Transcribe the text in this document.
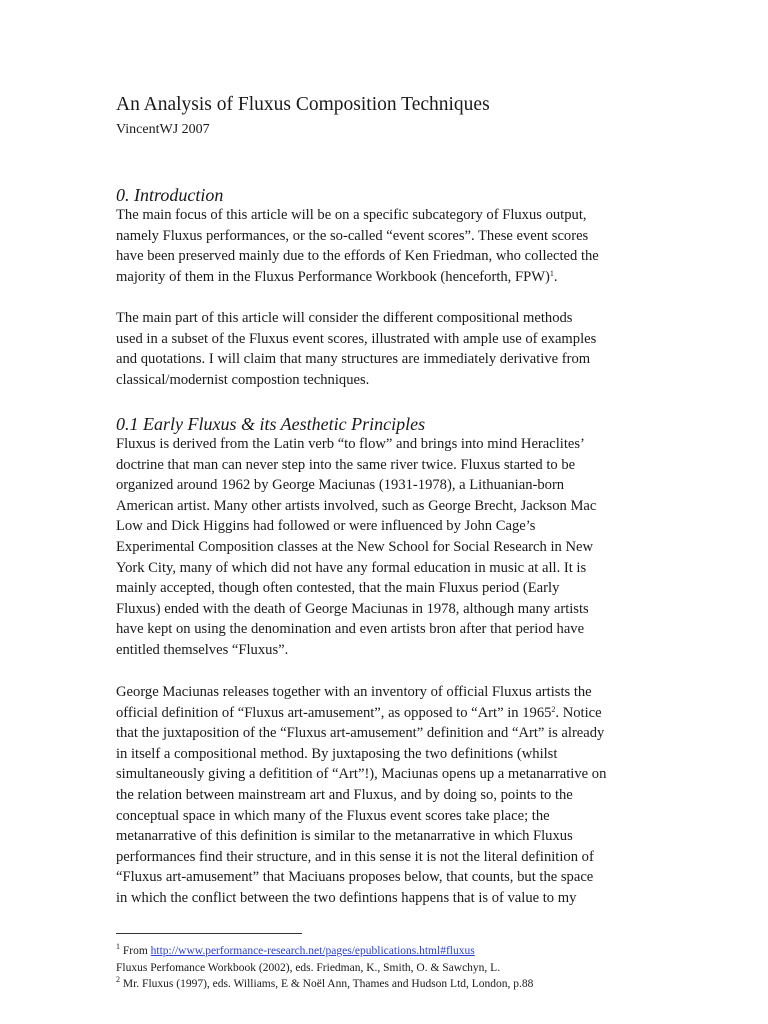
An Analysis of Fluxus Composition Techniques
VincentWJ 2007
0. Introduction
The main focus of this article will be on a specific subcategory of Fluxus output,
namely Fluxus performances, or the so-called “event scores”. These event scores
have been preserved mainly due to the effords of Ken Friedman, who collected the
majority of them in the Fluxus Performance Workbook (henceforth, FPW)$^1$.
The main part of this article will consider the different compositional methods
used in a subset of the Fluxus event scores, illustrated with ample use of examples
and quotations. I will claim that many structures are immediately derivative from
classical/modernist compostion techniques.
0.1 Early Fluxus & its Aesthetic Principles
Fluxus is derived from the Latin verb “to flow” and brings into mind Heraclites’
doctrine that man can never step into the same river twice. Fluxus started to be
organized around 1962 by George Maciunas (1931-1978), a Lithuanian-born
American artist. Many other artists involved, such as George Brecht, Jackson Mac
Low and Dick Higgins had followed or were influenced by John Cage’s
Experimental Composition classes at the New School for Social Research in New
York City, many of which did not have any formal education in music at all. It is
mainly accepted, though often contested, that the main Fluxus period (Early
Fluxus) ended with the death of George Maciunas in 1978, although many artists
have kept on using the denomination and even artists bron after that period have
entitled themselves “Fluxus”.
George Maciunas releases together with an inventory of official Fluxus artists the
official definition of “Fluxus art-amusement”, as opposed to “Art” in 1965$^2$. Notice
that the juxtaposition of the “Fluxus art-amusement” definition and “Art” is already
in itself a compositional method. By juxtaposing the two definitions (whilst
simultaneously giving a defitition of “Art”!), Maciunas opens up a metanarrative on
the relation between mainstream art and Fluxus, and by doing so, points to the
conceptual space in which many of the Fluxus event scores take place; the
metanarrative of this definition is similar to the metanarrative in which Fluxus
performances find their structure, and in this sense it is not the literal definition of
“Fluxus art-amusement” that Maciuans proposes below, that counts, but the space
in which the conflict between the two defintions happens that is of value to my
$^1$ From http://www.performance-research.net/pages/epublications.html#fluxus
Fluxus Perfomance Workbook (2002), eds. Friedman, K., Smith, O. & Sawchyn, L.
$^2$ Mr. Fluxus (1997), eds. Williams, E & Noël Ann, Thames and Hudson Ltd, London, p.88
